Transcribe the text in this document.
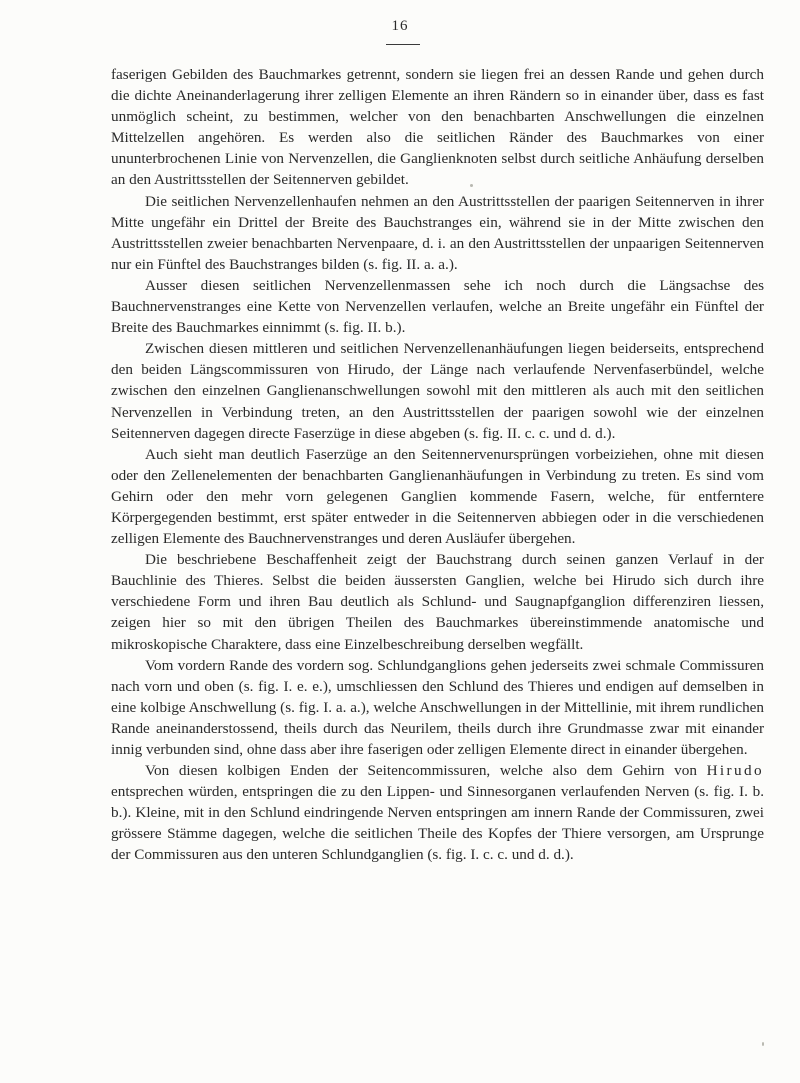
16

faserigen Gebilden des Bauchmarkes getrennt, sondern sie liegen frei an dessen Rande und gehen durch die dichte Aneinanderlagerung ihrer zelligen Elemente an ihren Rändern so in einander über, dass es fast unmöglich scheint, zu bestimmen, welcher von den benachbarten Anschwellungen die einzelnen Mittelzellen angehören. Es werden also die seitlichen Ränder des Bauchmarkes von einer ununterbrochenen Linie von Nervenzellen, die Ganglienknoten selbst durch seitliche Anhäufung derselben an den Austrittsstellen der Seitennerven gebildet.

Die seitlichen Nervenzellenhaufen nehmen an den Austrittsstellen der paarigen Seitennerven in ihrer Mitte ungefähr ein Drittel der Breite des Bauchstranges ein, während sie in der Mitte zwischen den Austrittsstellen zweier benachbarten Nervenpaare, d. i. an den Austrittsstellen der unpaarigen Seitennerven nur ein Fünftel des Bauchstranges bilden (s. fig. II. a. a.).

Ausser diesen seitlichen Nervenzellenmassen sehe ich noch durch die Längsachse des Bauchnervenstranges eine Kette von Nervenzellen verlaufen, welche an Breite ungefähr ein Fünftel der Breite des Bauchmarkes einnimmt (s. fig. II. b.).

Zwischen diesen mittleren und seitlichen Nervenzellenanhäufungen liegen beiderseits, entsprechend den beiden Längscommissuren von Hirudo, der Länge nach verlaufende Nervenfaserbündel, welche zwischen den einzelnen Ganglienanschwellungen sowohl mit den mittleren als auch mit den seitlichen Nervenzellen in Verbindung treten, an den Austrittsstellen der paarigen sowohl wie der einzelnen Seitennerven dagegen directe Faserzüge in diese abgeben (s. fig. II. c. c. und d. d.).

Auch sieht man deutlich Faserzüge an den Seitennervenursprüngen vorbeiziehen, ohne mit diesen oder den Zellenelementen der benachbarten Ganglienanhäufungen in Verbindung zu treten. Es sind vom Gehirn oder den mehr vorn gelegenen Ganglien kommende Fasern, welche, für entferntere Körpergegenden bestimmt, erst später entweder in die Seitennerven abbiegen oder in die verschiedenen zelligen Elemente des Bauchnervenstranges und deren Ausläufer übergehen.

Die beschriebene Beschaffenheit zeigt der Bauchstrang durch seinen ganzen Verlauf in der Bauchlinie des Thieres. Selbst die beiden äussersten Ganglien, welche bei Hirudo sich durch ihre verschiedene Form und ihren Bau deutlich als Schlund- und Saugnapfganglion differenziren liessen, zeigen hier so mit den übrigen Theilen des Bauchmarkes übereinstimmende anatomische und mikroskopische Charaktere, dass eine Einzelbeschreibung derselben wegfällt.

Vom vordern Rande des vordern sog. Schlundganglions gehen jederseits zwei schmale Commissuren nach vorn und oben (s. fig. I. e. e.), umschliessen den Schlund des Thieres und endigen auf demselben in eine kolbige Anschwellung (s. fig. I. a. a.), welche Anschwellungen in der Mittellinie, mit ihrem rundlichen Rande aneinanderstossend, theils durch das Neurilem, theils durch ihre Grundmasse zwar mit einander innig verbunden sind, ohne dass aber ihre faserigen oder zelligen Elemente direct in einander übergehen.

Von diesen kolbigen Enden der Seitencommissuren, welche also dem Gehirn von Hirudo entsprechen würden, entspringen die zu den Lippen- und Sinnesorganen verlaufenden Nerven (s. fig. I. b. b.). Kleine, mit in den Schlund eindringende Nerven entspringen am innern Rande der Commissuren, zwei grössere Stämme dagegen, welche die seitlichen Theile des Kopfes der Thiere versorgen, am Ursprunge der Commissuren aus den unteren Schlundganglien (s. fig. I. c. c. und d. d.).
